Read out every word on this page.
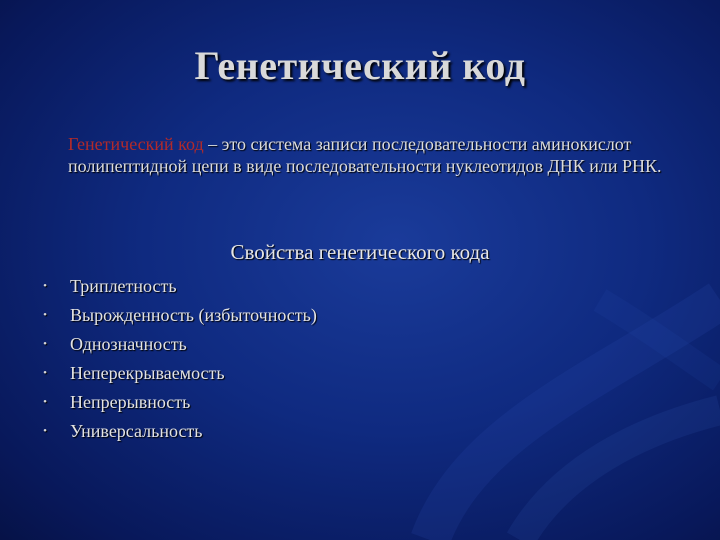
Генетический код
Генетический код – это система записи последовательности аминокислот полипептидной цепи в виде последовательности нуклеотидов ДНК или РНК.
Свойства генетического кода
• Триплетность
• Вырожденность (избыточность)
• Однозначность
• Неперекрываемость
• Непрерывность
• Универсальность
